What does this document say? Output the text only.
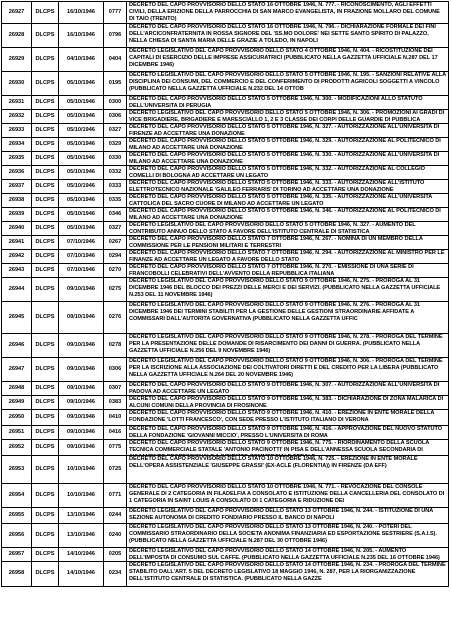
26927	DLCPS	16/10/1946	0777
DECRETO DEL CAPO PROVVISORIO DELLO STATO 16 OTTOBRE 1946, N. 777. - RICONOSCIMENTO, AGLI EFFETTI CIVILI, DELLA ERIZIONE DELLA PARROCCHIA DI SAN MARCO EVANGELISTA, IN FRAZIONE MOLLARO DEL COMUNE DI TAIO (TRENTO)
26928	DLCPS	16/10/1946	0796
DECRETO DEL CAPO PROVVISORIO DELLO STATO 16 OTTOBRE 1946, N. 796. - DICHIARAZIONE FORMALE DEI FINI DELL'ARCICONFRATERNITA IN ROSSA SIGNORE DEL 'SS.MO DOLORE' NEI SETTE SANTO SPIRITO DI PALAZZO, NELLA CHIESA DI SANTA MARIA DELLE GRAZIE A TOLEDO, IN NAPOLI
26929	DLCPS	04/10/1946	0404
DECRETO LEGISLATIVO DEL CAPO PROVVISORIO DELLO STATO 4 OTTOBRE 1946, N. 404. - RICOSTITUZIONE DEI CAPITALI DI ESERCIZIO DELLE IMPRESE ASSICURATRICI (PUBBLICATO NELLA GAZZETTA UFFICIALE N.287 DEL 17 DICEMBRE 1946)
26930	DLCPS	05/10/1946	0195
DECRETO LEGISLATIVO DEL CAPO PROVVISORIO DELLO STATO 5 OTTOBRE 1946, N. 195. - SANZIONI RELATIVE ALLA DISCIPLINA DEI CONSUMI, DEL COMMERCIO E DEL CONFERIMENTO DI PRODOTTI AGRICOLI SOGGETTI A VINCOLO (PUBBLICATO NELLA GAZZETTA UFFICIALE N.232 DEL 14 OTTOB
26931	DLCPS	05/10/1946	0300	DECRETO DEL CAPO PROVVISORIO DELLO STATO 5 OTTOBRE 1946, N. 300. - MODIFICAZIONI ALLO STATUTO DELL'UNIVERSITA DI PERUGIA
26932	DLCPS	05/10/1946	0306	DECRETO LEGISLATIVO DEL CAPO PROVVISORIO DELLO STATO 5 OTTOBRE 1946, N. 306. - PROMOZIONI AI GRADI DI VICE BRIGADIERE, BRIGADIERE E MARESCIALLO 1, 2 E 3 CLASSE DEI CORPI DELLE GUARDIE DI PUBBLICA
26933	DLCPS	05/10/1946	0327	DECRETO DEL CAPO PROVVISORIO DELLO STATO 5 OTTOBRE 1946, N. 327. - AUTORIZZAZIONE ALL'UNIVERSITA DI FIRENZE AD ACCETTARE UNA DONAZIONE
26934	DLCPS	05/10/1946	0329	DECRETO DEL CAPO PROVVISORIO DELLO STATO 5 OTTOBRE 1946, N. 329. - AUTORIZZAZIONE AL POLITECNICO DI MILANO AD ACCETTARE UNA DONAZIONE
26935	DLCPS	05/10/1946	0330	DECRETO DEL CAPO PROVVISORIO DELLO STATO 5 OTTOBRE 1946, N. 330. - AUTORIZZAZIONE ALL'UNIVERSITA DI MILANO AD ACCETTARE UNA DONAZIONE
26936	DLCPS	05/10/1946	0332	DECRETO DEL CAPO PROVVISORIO DELLO STATO 5 OTTOBRE 1946, N. 332. - AUTORIZZAZIONE AL COLLEGIO COMELLI DI BOLOGNA AD ACCETTARE UN LEGATO
26937	DLCPS	05/10/1946	0333	DECRETO DEL CAPO PROVVISORIO DELLO STATO 5 OTTOBRE 1946, N. 333. - AUTORIZZAZIONE ALL'ISTITUTO ELETTROTECNICO NAZIONALE 'GALILEO FERRARIS' DI TORINO AD ACCETTARE UNA DONAZIONE
26938	DLCPS	05/10/1946	0335	DECRETO DEL CAPO PROVVISORIO DELLO STATO 5 OTTOBRE 1946, N. 335. - AUTORIZZAZIONE ALL'UNIVERSITA CATTOLICA DEL SACRO CUORE DI MILANO AD ACCETTARE UN LEGATO
26939	DLCPS	05/10/1946	0346	DECRETO DEL CAPO PROVVISORIO DELLO STATO 5 OTTOBRE 1946, N. 346. - AUTORIZZAZIONE AL POLITECNICO DI MILANO AD ACCETTARE UNA DONAZIONE
26940	DLCPS	05/10/1946	0327	DECRETO LEGISLATIVO DEL CAPO PROVVISORIO DELLO STATO 5 OTTOBRE 1946, N. 327. - AUMENTO DEL CONTRIBUTO ANNUO DELLO STATO A FAVORE DELL'ISTITUTO CENTRALE DI STATISTICA
26941	DLCPS	07/10/1946	0267	DECRETO DEL CAPO PROVVISORIO DELLO STATO 7 OTTOBRE 1946, N. 267. - NOMINA DI UN MEMBRO DELLA COMMISSIONE PER LE PENSIONI MILITARI E TERRESTRI
26942	DLCPS	07/10/1946	0294	DECRETO DEL CAPO PROVVISORIO DELLO STATO 7 OTTOBRE 1946, N. 294. - AUTORIZZAZIONE AL MINISTRO PER LE FINANZE AD ACCETTARE UN LEGATO A FAVORE DELLO STATO
26943	DLCPS	07/10/1946	0270	DECRETO DEL CAPO PROVVISORIO DELLO STATO 7 OTTOBRE 1946, N. 270. - EMISSIONE DI UNA SERIE DI FRANCOBOLLI CELEBRATIVI DELL'AVVENTO DELLA REPUBBLICA ITALIANA
26944	DLCPS	09/10/1946	0275
DECRETO LEGISLATIVO DEL CAPO PROVVISORIO DELLO STATO 9 OTTOBRE 1946, N. 275. - PROROGA AL 31 DICEMBRE 1946 DEL BLOCCO DEI PREZZI DELLE MERCI E DEI SERVIZI. (PUBBLICATO NELLA GAZZETTA UFFICIALE N.253 DEL 11 NOVEMBRE 1946)
26945	DLCPS	09/10/1946	0276
DECRETO LEGISLATIVO DEL CAPO PROVVISORIO DELLO STATO 9 OTTOBRE 1946, N. 276. - PROROGA AL 31 DICEMBRE 1946 DEI TERMINI STABILITI PER LA GESTIONE DELLE GESTIONI STRAORDINARIE AFFIDATE A COMMISSARI DALL'AUTORITA GOVERNATIVA (PUBBLICATO NELLA GAZZETTA UFFIC
26946	DLCPS	09/10/1946	0278
DECRETO LEGISLATIVO DEL CAPO PROVVISORIO DELLO STATO 9 OTTOBRE 1946, N. 278. - PROROGA DEL TERMINE PER LA PRESENTAZIONE DELLE DOMANDE DI RISARCIMENTO DEI DANNI DI GUERRA. (PUBBLICATO NELLA GAZZETTA UFFICIALE N.256 DEL 9 NOVEMBRE 1946)
26947	DLCPS	09/10/1946	0306
DECRETO LEGISLATIVO DEL CAPO PROVVISORIO DELLO STATO 9 OTTOBRE 1946, N. 306. - PROROGA DEL TERMINE PER LA ISCRIZIONE ALLA ASSOCIAZIONE DEI COLTIVATORI DIRETTI E DEL CREDITO PER LA LIBERA (PUBBLICATO NELLA GAZZETTA UFFICIALE N.264 DEL 20 NOVEMBRE 1946)
26948	DLCPS	09/10/1946	0307	DECRETO DEL CAPO PROVVISORIO DELLO STATO 9 OTTOBRE 1946, N. 307. - AUTORIZZAZIONE ALL'UNIVERSITA DI PADOVA AD ACCETTARE UN LEGATO
26949	DLCPS	09/10/1946	0383	DECRETO DEL CAPO PROVVISORIO DELLO STATO 9 OTTOBRE 1946, N. 383. - DICHIARAZIONE DI ZONA MALARICA DI ALCUNI COMUNI DELLA PROVINCIA DI FROSINONE
26950	DLCPS	09/10/1946	0410
DECRETO DEL CAPO PROVVISORIO DELLO STATO 9 OTTOBRE 1946, N. 410. - EREZIONE IN ENTE MORALE DELLA FONDAZIONE 'LOTTI FRANCESCO', CON SEDE PRESSO L'ISTITUTO ITALIANO DI VERONA
26951	DLCPS	09/10/1946	0416	DECRETO DEL CAPO PROVVISORIO DELLO STATO 9 OTTOBRE 1946, N. 416. - APPROVAZIONE DEL NUOVO STATUTO DELLA FONDAZIONE 'GIOVANNI MICCIO', PRESSO L'UNIVERSITA DI ROMA
26952	DLCPS	09/10/1946	0775
DECRETO DEL CAPO PROVVISORIO DELLO STATO 9 OTTOBRE 1946, N. 775. - RIORDINAMENTO DELLA SCUOLA TECNICA COMMERCIALE STATALE 'ANTONIO PACINOTTI' IN PISA E DELL'ANNESSA SCUOLA SECONDARIA DI
26953	DLCPS	10/10/1946	0725
DECRETO DEL CAPO PROVVISORIO DELLO STATO 10 OTTOBRE 1946, N. 725. - EREZIONE IN ENTE MORALE DELL'OPERA ASSISTENZIALE 'GIUSEPPE GRASSI' (EX-ACLE (FLORENTIA)) IN FIRENZE (DA EFF)
26954	DLCPS	10/10/1946	0771
DECRETO DEL CAPO PROVVISORIO DELLO STATO 10 OTTOBRE 1946, N. 771. - REVOCAZIONE DEL CONSOLE GENERALE DI 2 CATEGORIA IN FILADELFIA A CONSOLATO E ISTITUZIONE DELLA CANCELLERIA DEL CONSOLATO DI 1 CATEGORIA IN SAINT LOUIS A CONSOLATO DI 1 CATEGORIA E RIDUZIONE DEI
26955	DLCPS	13/10/1946	0244
DECRETO LEGISLATIVO DEL CAPO PROVVISORIO DELLO STATO 13 OTTOBRE 1946, N. 244. - ISTITUZIONE DI UNA SEZIONE AUTONOMA DI CREDITO FONDIARIO PRESSO IL BANCO DI NAPOLI
26956	DLCPS	13/10/1946	0240
DECRETO LEGISLATIVO DEL CAPO PROVVISORIO DELLO STATO 13 OTTOBRE 1946, N. 240. - POTERI DEL COMMISSARIO STRAORDINARIO DELLA SOCIETA ANONIMA FINANZIARIA ED ESPORTAZIONE SESTRIERE (S.A.I.S). (PUBBLICATO NELLA GAZZETTA UFFICIALE N.287 DEL 30 OTTOBRE 1946)
26957	DLCPS	14/10/1946	0205	DECRETO LEGISLATIVO DEL CAPO PROVVISORIO DELLO STATO 14 OTTOBRE 1946, N. 205. - AUMENTO DELL'IMPOSTA DI CONSUMO SUL CAFFE. (PUBBLICATO NELLA GAZZETTA UFFICIALE N.235 DEL 16 OTTOBRE 1946)
26958	DLCPS	14/10/1946	0234
DECRETO LEGISLATIVO DEL CAPO PROVVISORIO DELLO STATO 14 OTTOBRE 1946, N. 234. - PROROGA DEL TERMINE STABILITO DALL'ART. 5 DEL DECRETO LEGISLATIVO 18 MAGGIO 1946, N. 287, PER LA RIORGANIZZAZIONE DELL'ISTITUTO CENTRALE DI STATISTICA. (PUBBLICATO NELLA GAZZE
